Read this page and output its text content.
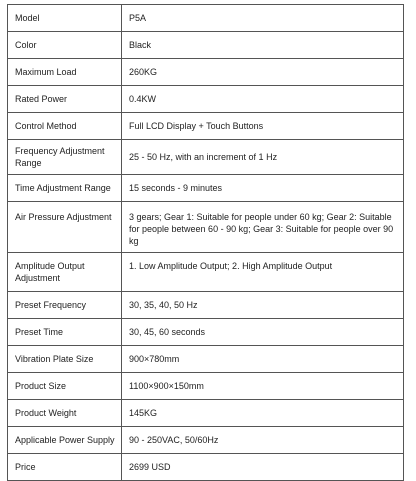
Model	P5A

Color	Black

Maximum Load	260KG

Rated Power	0.4KW

Control Method	Full LCD Display + Touch Buttons

Frequency Adjustment Range	25 - 50 Hz, with an increment of 1 Hz

Time Adjustment Range	15 seconds - 9 minutes

Air Pressure Adjustment	3 gears; Gear 1: Suitable for people under 60 kg; Gear 2: Suitable for people between 60 - 90 kg; Gear 3: Suitable for people over 90 kg

Amplitude Output Adjustment	1. Low Amplitude Output; 2. High Amplitude Output

Preset Frequency	30, 35, 40, 50 Hz

Preset Time	30, 45, 60 seconds

Vibration Plate Size	900×780mm

Product Size	1100×900×150mm

Product Weight	145KG

Applicable Power Supply	90 - 250VAC, 50/60Hz

Price	2699 USD
